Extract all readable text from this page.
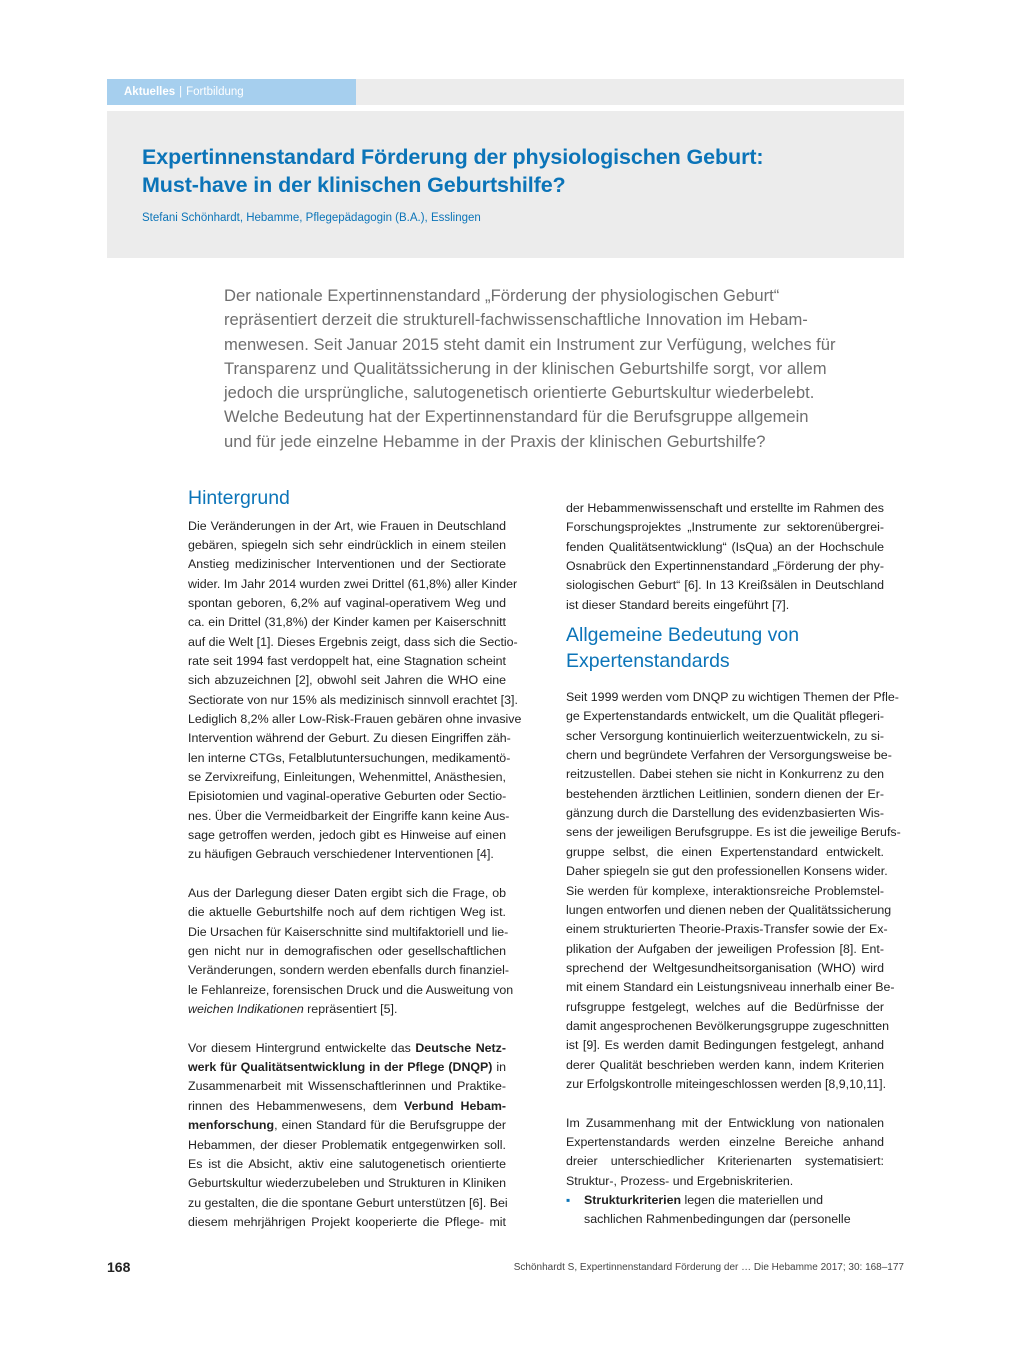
Aktuelles | Fortbildung
Expertinnenstandard Förderung der physiologischen Geburt:
Must-have in der klinischen Geburtshilfe?
Stefani Schönhardt, Hebamme, Pflegepädagogin (B.A.), Esslingen
Der nationale Expertinnenstandard „Förderung der physiologischen Geburt“
repräsentiert derzeit die strukturell-fachwissenschaftliche Innovation im Hebam-
menwesen. Seit Januar 2015 steht damit ein Instrument zur Verfügung, welches für
Transparenz und Qualitätssicherung in der klinischen Geburtshilfe sorgt, vor allem
jedoch die ursprüngliche, salutogenetisch orientierte Geburtskultur wiederbelebt.
Welche Bedeutung hat der Expertinnenstandard für die Berufsgruppe allgemein
und für jede einzelne Hebamme in der Praxis der klinischen Geburtshilfe?
Hintergrund
Die Veränderungen in der Art, wie Frauen in Deutschland
gebären, spiegeln sich sehr eindrücklich in einem steilen
Anstieg medizinischer Interventionen und der Sectiorate
wider. Im Jahr 2014 wurden zwei Drittel (61,8%) aller Kinder
spontan geboren, 6,2% auf vaginal-operativem Weg und
ca. ein Drittel (31,8%) der Kinder kamen per Kaiserschnitt
auf die Welt [1]. Dieses Ergebnis zeigt, dass sich die Sectio-
rate seit 1994 fast verdoppelt hat, eine Stagnation scheint
sich abzuzeichnen [2], obwohl seit Jahren die WHO eine
Sectiorate von nur 15% als medizinisch sinnvoll erachtet [3].
Lediglich 8,2% aller Low-Risk-Frauen gebären ohne invasive
Intervention während der Geburt. Zu diesen Eingriffen zäh-
len interne CTGs, Fetalblutuntersuchungen, medikamentö-
se Zervixreifung, Einleitungen, Wehenmittel, Anästhesien,
Episiotomien und vaginal-operative Geburten oder Sectio-
nes. Über die Vermeidbarkeit der Eingriffe kann keine Aus-
sage getroffen werden, jedoch gibt es Hinweise auf einen
zu häufigen Gebrauch verschiedener Interventionen [4].
Aus der Darlegung dieser Daten ergibt sich die Frage, ob
die aktuelle Geburtshilfe noch auf dem richtigen Weg ist.
Die Ursachen für Kaiserschnitte sind multifaktoriell und lie-
gen nicht nur in demografischen oder gesellschaftlichen
Veränderungen, sondern werden ebenfalls durch finanziel-
le Fehlanreize, forensischen Druck und die Ausweitung von
weichen Indikationen repräsentiert [5].
Vor diesem Hintergrund entwickelte das Deutsche Netz-
werk für Qualitätsentwicklung in der Pflege (DNQP) in
Zusammenarbeit mit Wissenschaftlerinnen und Praktike-
rinnen des Hebammenwesens, dem Verbund Hebam-
menforschung, einen Standard für die Berufsgruppe der
Hebammen, der dieser Problematik entgegenwirken soll.
Es ist die Absicht, aktiv eine salutogenetisch orientierte
Geburtskultur wiederzubeleben und Strukturen in Kliniken
zu gestalten, die die spontane Geburt unterstützen [6]. Bei
diesem mehrjährigen Projekt kooperierte die Pflege- mit
der Hebammenwissenschaft und erstellte im Rahmen des
Forschungsprojektes „Instrumente zur sektorenübergrei-
fenden Qualitätsentwicklung“ (IsQua) an der Hochschule
Osnabrück den Expertinnenstandard „Förderung der phy-
siologischen Geburt“ [6]. In 13 Kreißsälen in Deutschland
ist dieser Standard bereits eingeführt [7].
Allgemeine Bedeutung von
Expertenstandards
Seit 1999 werden vom DNQP zu wichtigen Themen der Pfle-
ge Expertenstandards entwickelt, um die Qualität pflegeri-
scher Versorgung kontinuierlich weiterzuentwickeln, zu si-
chern und begründete Verfahren der Versorgungsweise be-
reitzustellen. Dabei stehen sie nicht in Konkurrenz zu den
bestehenden ärztlichen Leitlinien, sondern dienen der Er-
gänzung durch die Darstellung des evidenzbasierten Wis-
sens der jeweiligen Berufsgruppe. Es ist die jeweilige Berufs-
gruppe selbst, die einen Expertenstandard entwickelt.
Daher spiegeln sie gut den professionellen Konsens wider.
Sie werden für komplexe, interaktionsreiche Problemstel-
lungen entworfen und dienen neben der Qualitätssicherung
einem strukturierten Theorie-Praxis-Transfer sowie der Ex-
plikation der Aufgaben der jeweiligen Profession [8]. Ent-
sprechend der Weltgesundheitsorganisation (WHO) wird
mit einem Standard ein Leistungsniveau innerhalb einer Be-
rufsgruppe festgelegt, welches auf die Bedürfnisse der
damit angesprochenen Bevölkerungsgruppe zugeschnitten
ist [9]. Es werden damit Bedingungen festgelegt, anhand
derer Qualität beschrieben werden kann, indem Kriterien
zur Erfolgskontrolle miteingeschlossen werden [8,9,10,11].
Im Zusammenhang mit der Entwicklung von nationalen
Expertenstandards werden einzelne Bereiche anhand
dreier unterschiedlicher Kriterienarten systematisiert:
Struktur-, Prozess- und Ergebniskriterien.
▪	Strukturkriterien legen die materiellen und
sachlichen Rahmenbedingungen dar (personelle
168	Schönhardt S, Expertinnenstandard Förderung der … Die Hebamme 2017; 30: 168–177
